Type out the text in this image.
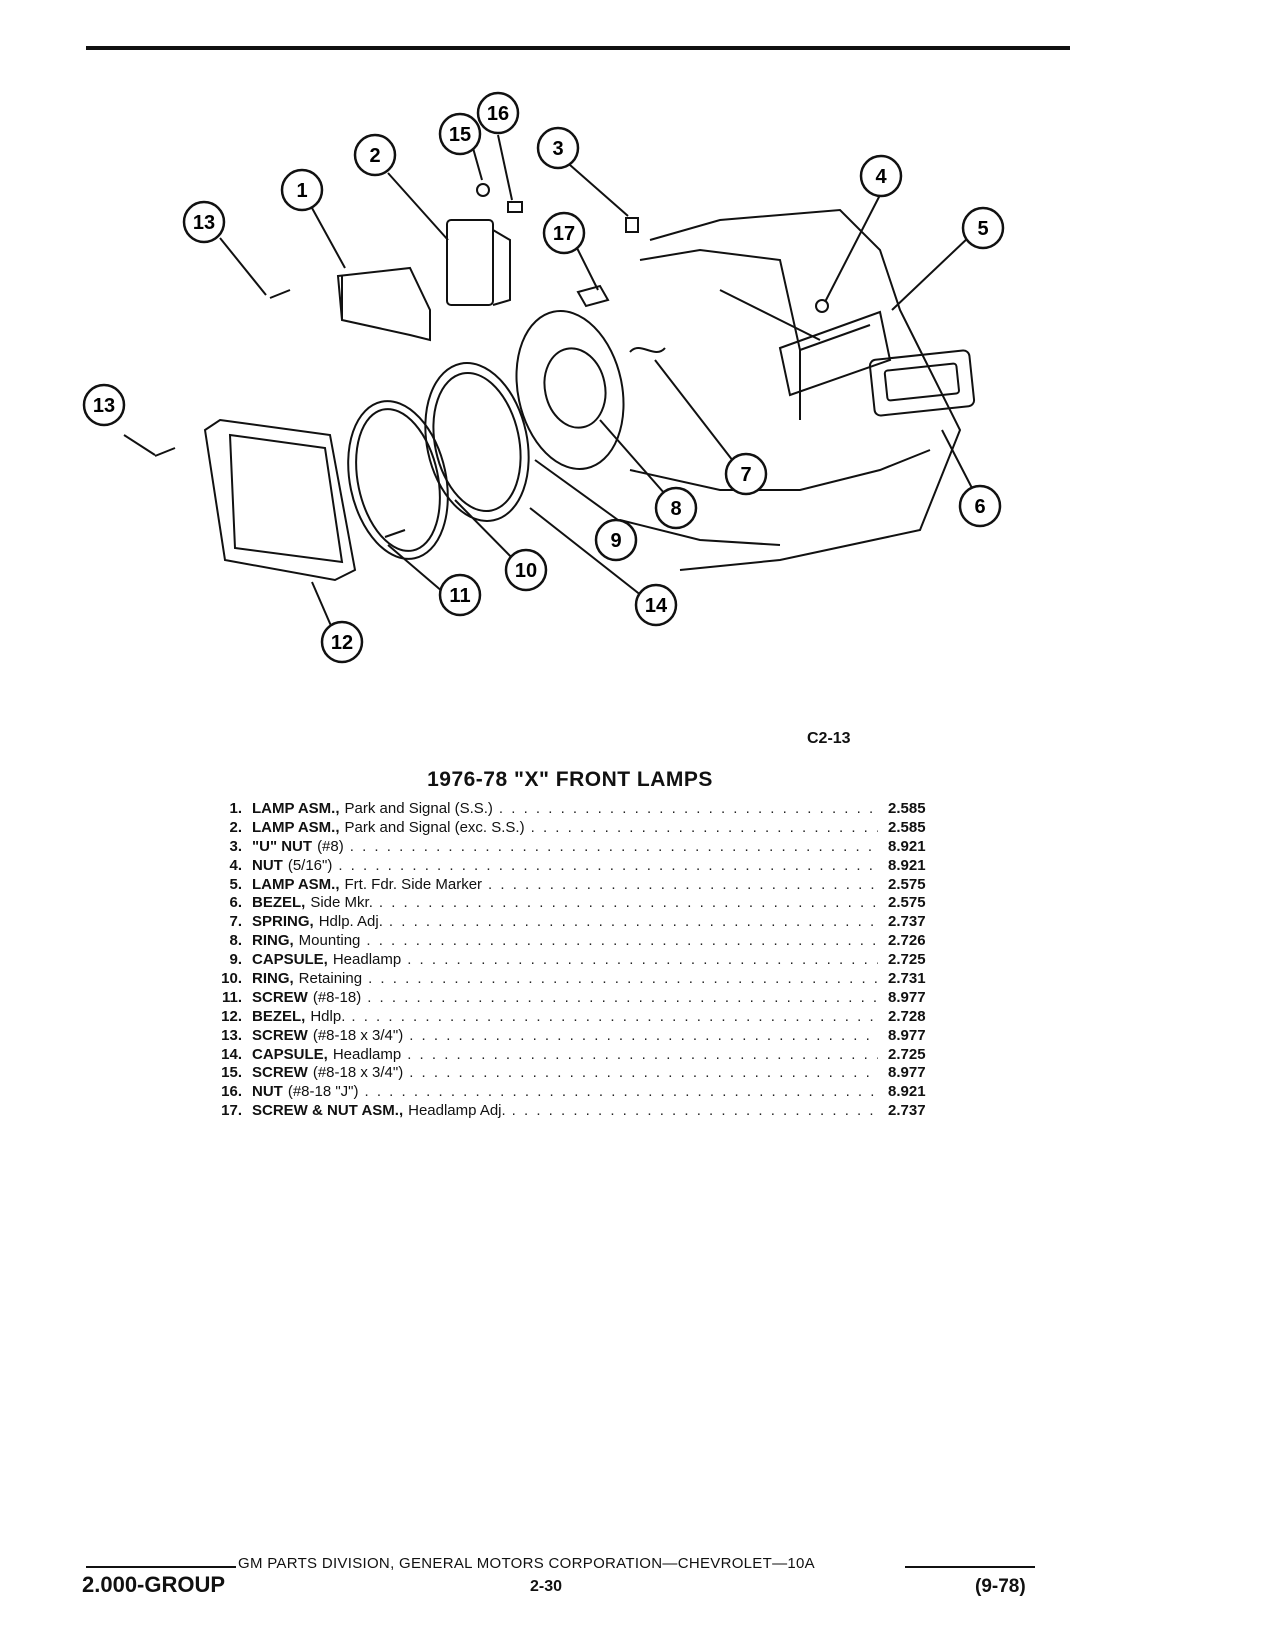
1
2	3
4
5
6
7
8
9
10
11
12
13
13
14
15
16
17
C2-13
1976-78 "X" FRONT LAMPS
1. LAMP ASM., Park and Signal (S.S.) . . .	2.585
2. LAMP ASM., Park and Signal (exc. S.S.) . . .	2.585
3. "U" NUT (#8) . . .	8.921
4. NUT (5/16") . . .	8.921
5. LAMP ASM., Frt. Fdr. Side Marker . . .	2.575
6. BEZEL, Side Mkr. . . .	2.575
7. SPRING, Hdlp. Adj. . . .	2.737
8. RING, Mounting . . .	2.726
9. CAPSULE, Headlamp . . .	2.725
10. RING, Retaining . . .	2.731
11. SCREW (#8-18) . . .	8.977
12. BEZEL, Hdlp. . . .	2.728
13. SCREW (#8-18 x 3/4") . . .	8.977
14. CAPSULE, Headlamp . . .	2.725
15. SCREW (#8-18 x 3/4") . . .	8.977
16. NUT (#8-18 "J") . . .	8.921
17. SCREW & NUT ASM., Headlamp Adj. . . .	2.737
GM PARTS DIVISION, GENERAL MOTORS CORPORATION—CHEVROLET—10A
2.000-GROUP	2-30	(9-78)
